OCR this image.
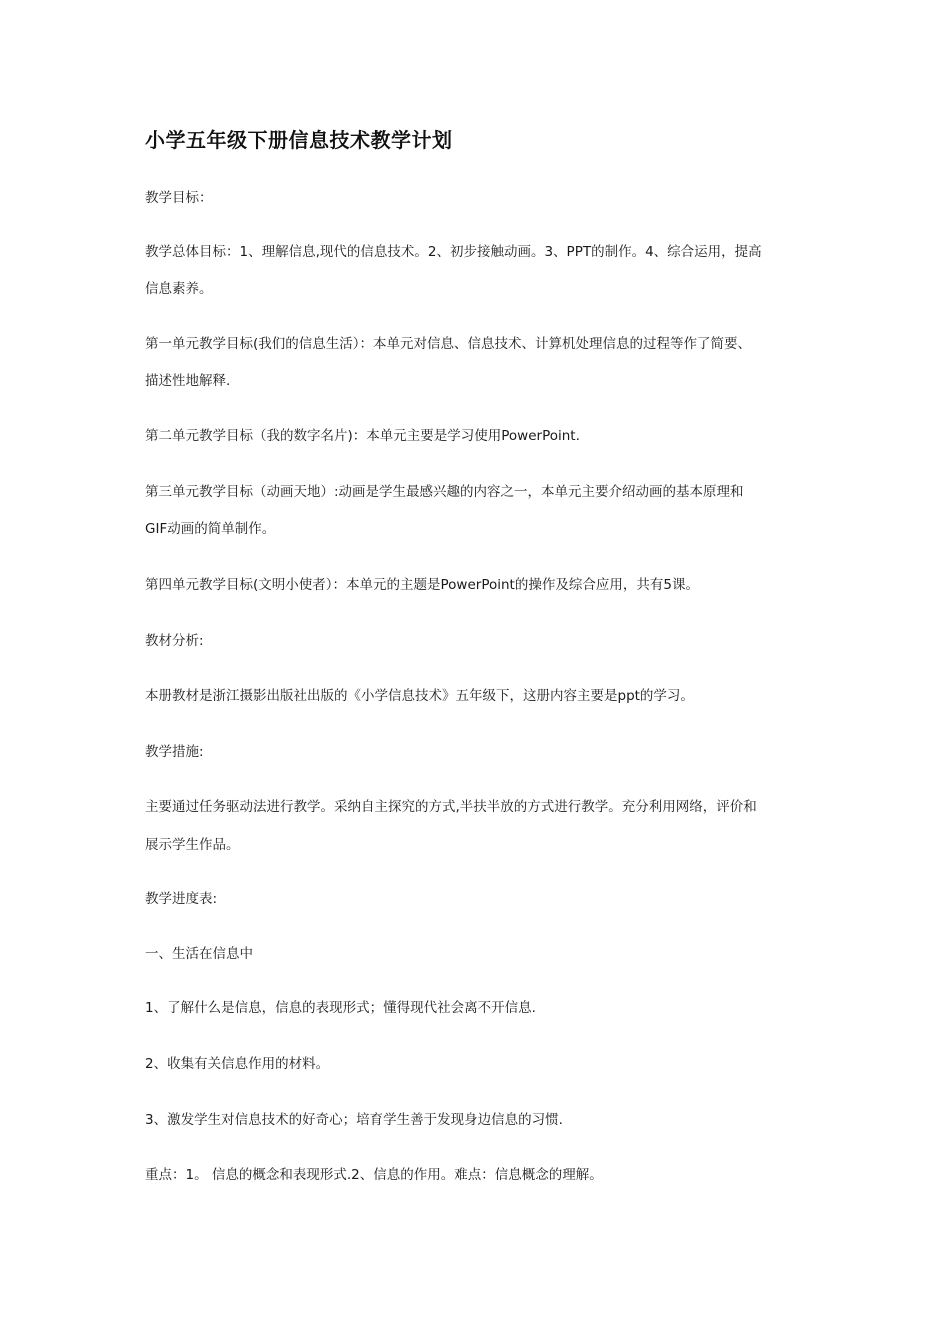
小学五年级下册信息技术教学计划
教学目标：
教学总体目标：1、理解信息,现代的信息技术。2、初步接触动画。3、PPT的制作。4、综合运用，提高
信息素养。
第一单元教学目标(我们的信息生活）：本单元对信息、信息技术、计算机处理信息的过程等作了简要、
描述性地解释.
第二单元教学目标（我的数字名片)：本单元主要是学习使用PowerPoint.
第三单元教学目标（动画天地）:动画是学生最感兴趣的内容之一，本单元主要介绍动画的基本原理和
GIF动画的简单制作。
第四单元教学目标(文明小使者）：本单元的主题是PowerPoint的操作及综合应用，共有5课。
教材分析:
本册教材是浙江摄影出版社出版的《小学信息技术》五年级下，这册内容主要是ppt的学习。
教学措施:
主要通过任务驱动法进行教学。采纳自主探究的方式,半扶半放的方式进行教学。充分利用网络，评价和
展示学生作品。
教学进度表:
一、生活在信息中
1、了解什么是信息，信息的表现形式；懂得现代社会离不开信息.
2、收集有关信息作用的材料。
3、激发学生对信息技术的好奇心；培育学生善于发现身边信息的习惯.
重点：1。 信息的概念和表现形式.2、信息的作用。难点：信息概念的理解。
